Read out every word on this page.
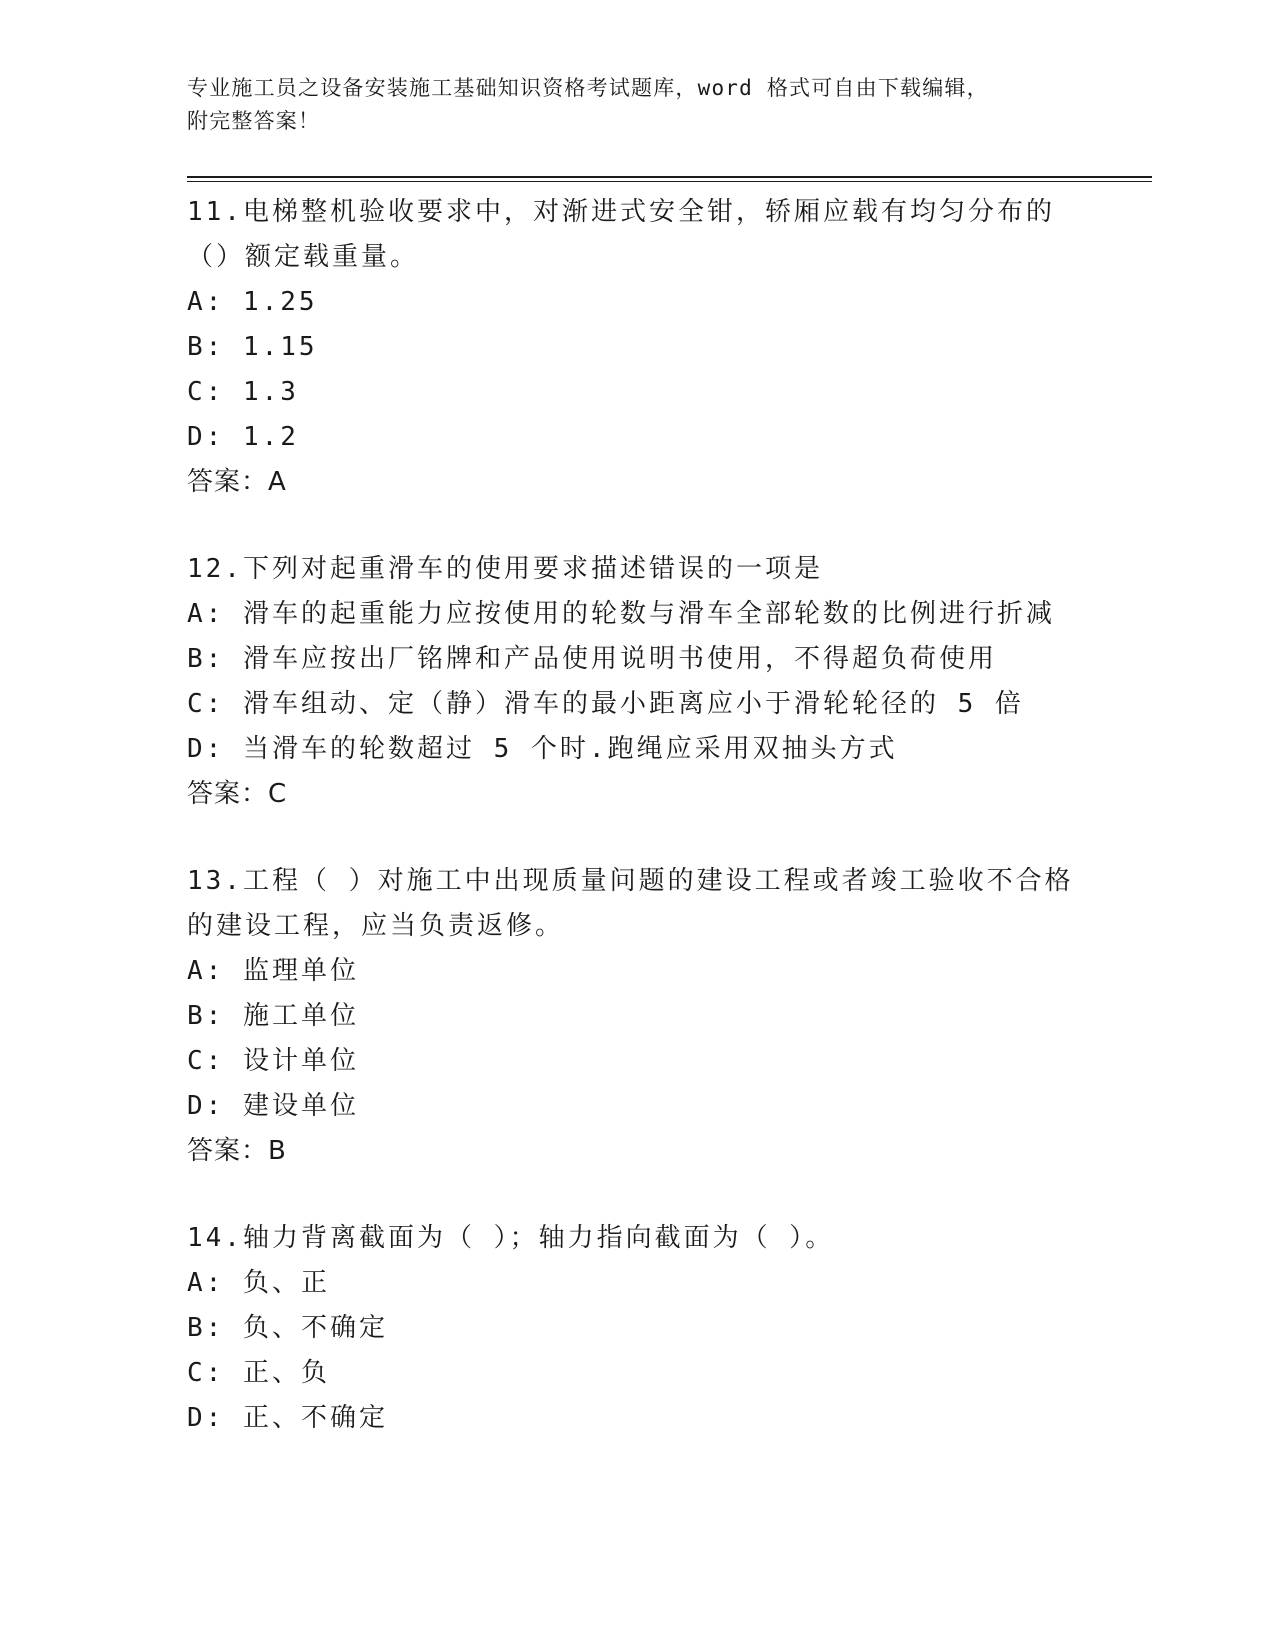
专业施工员之设备安装施工基础知识资格考试题库，word 格式可自由下载编辑，
附完整答案！
11.电梯整机验收要求中，对渐进式安全钳，轿厢应载有均匀分布的（）额定载重量。
A: 1.25
B: 1.15
C: 1.3
D: 1.2
答案：A
12.下列对起重滑车的使用要求描述错误的一项是
A: 滑车的起重能力应按使用的轮数与滑车全部轮数的比例进行折减
B: 滑车应按出厂铭牌和产品使用说明书使用，不得超负荷使用
C: 滑车组动、定（静）滑车的最小距离应小于滑轮轮径的 5 倍
D: 当滑车的轮数超过 5 个时.跑绳应采用双抽头方式
答案：C
13.工程（ ）对施工中出现质量问题的建设工程或者竣工验收不合格的建设工程，应当负责返修。
A: 监理单位
B: 施工单位
C: 设计单位
D: 建设单位
答案：B
14.轴力背离截面为（ ）；轴力指向截面为（ ）。
A: 负、正
B: 负、不确定
C: 正、负
D: 正、不确定
